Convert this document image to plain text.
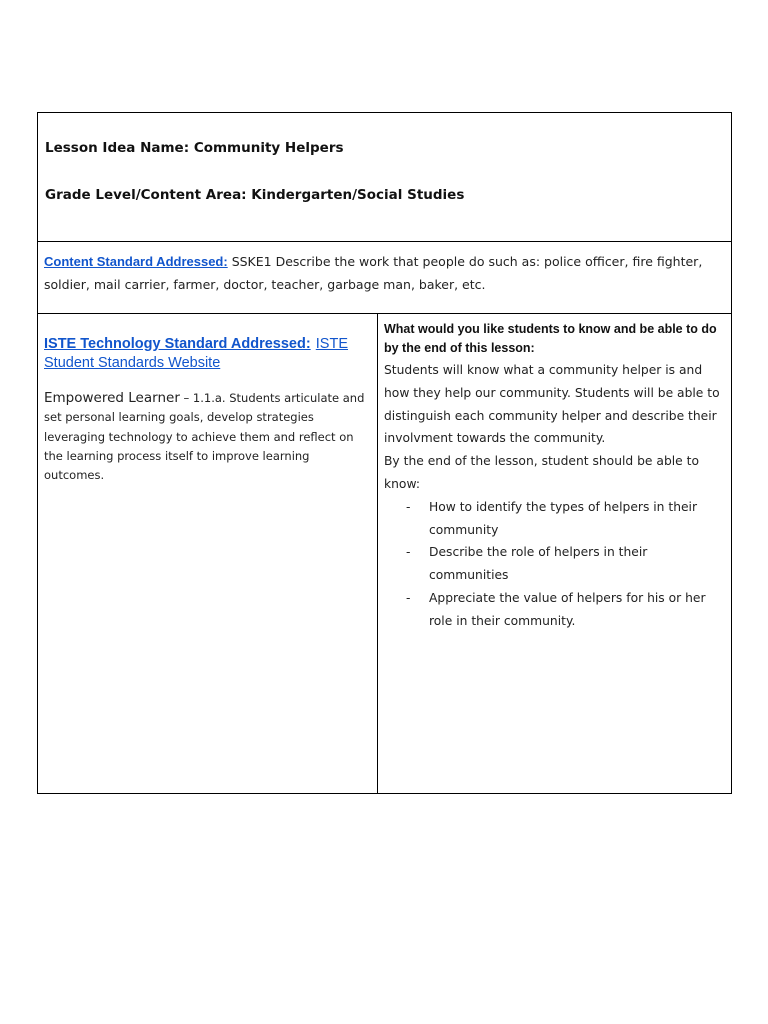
Lesson Idea Name: Community Helpers
Grade Level/Content Area: Kindergarten/Social Studies
Content Standard Addressed: SSKE1 Describe the work that people do such as: police officer, fire fighter, soldier, mail carrier, farmer, doctor, teacher, garbage man, baker, etc.
ISTE Technology Standard Addressed: ISTE Student Standards Website
Empowered Learner – 1.1.a. Students articulate and set personal learning goals, develop strategies leveraging technology to achieve them and reflect on the learning process itself to improve learning outcomes.
What would you like students to know and be able to do by the end of this lesson:

Students will know what a community helper is and how they help our community. Students will be able to distinguish each community helper and describe their involvment towards the community.

By the end of the lesson, student should be able to know:

- How to identify the types of helpers in their community
- Describe the role of helpers in their communities
- Appreciate the value of helpers for his or her role in their community.
